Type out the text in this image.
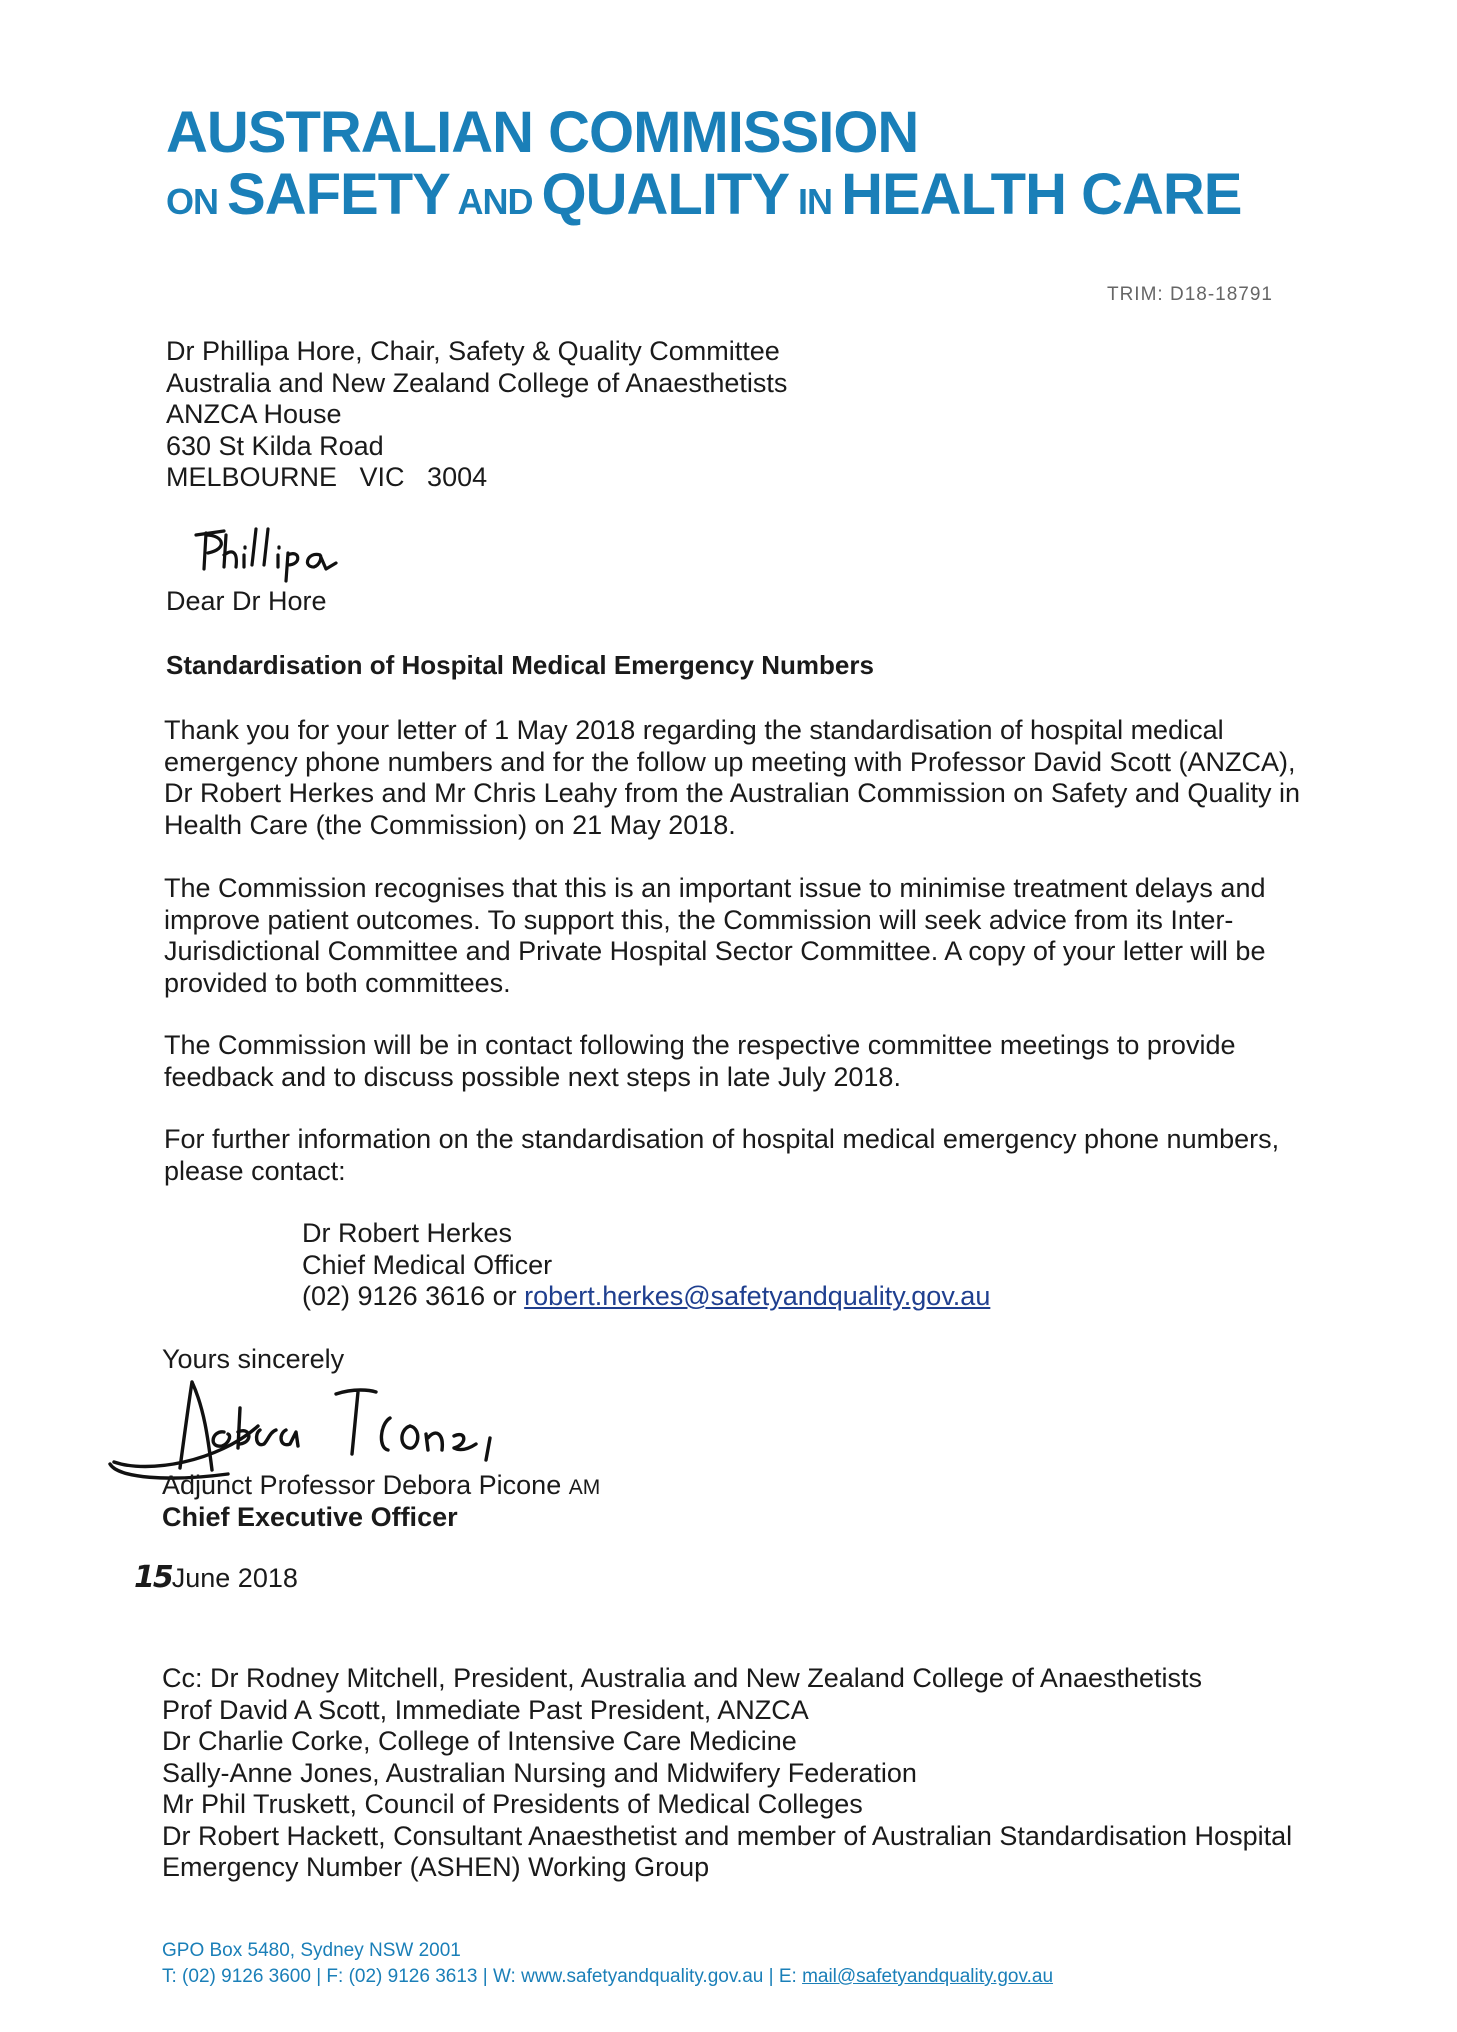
AUSTRALIAN COMMISSION
ON SAFETY AND QUALITY IN HEALTH CARE
TRIM: D18-18791
Dr Phillipa Hore, Chair, Safety & Quality Committee
Australia and New Zealand College of Anaesthetists
ANZCA House
630 St Kilda Road
MELBOURNE   VIC   3004
Dear Dr Hore
Standardisation of Hospital Medical Emergency Numbers
Thank you for your letter of 1 May 2018 regarding the standardisation of hospital medical emergency phone numbers and for the follow up meeting with Professor David Scott (ANZCA), Dr Robert Herkes and Mr Chris Leahy from the Australian Commission on Safety and Quality in Health Care (the Commission) on 21 May 2018.
The Commission recognises that this is an important issue to minimise treatment delays and improve patient outcomes. To support this, the Commission will seek advice from its Inter-Jurisdictional Committee and Private Hospital Sector Committee. A copy of your letter will be provided to both committees.
The Commission will be in contact following the respective committee meetings to provide feedback and to discuss possible next steps in late July 2018.
For further information on the standardisation of hospital medical emergency phone numbers, please contact:
Dr Robert Herkes
Chief Medical Officer
(02) 9126 3616 or robert.herkes@safetyandquality.gov.au
Yours sincerely
Adjunct Professor Debora Picone AM
Chief Executive Officer
15June 2018
Cc: Dr Rodney Mitchell, President, Australia and New Zealand College of Anaesthetists
Prof David A Scott, Immediate Past President, ANZCA
Dr Charlie Corke, College of Intensive Care Medicine
Sally-Anne Jones, Australian Nursing and Midwifery Federation
Mr Phil Truskett, Council of Presidents of Medical Colleges
Dr Robert Hackett, Consultant Anaesthetist and member of Australian Standardisation Hospital
Emergency Number (ASHEN) Working Group
GPO Box 5480, Sydney NSW 2001
T: (02) 9126 3600 | F: (02) 9126 3613 | W: www.safetyandquality.gov.au | E: mail@safetyandquality.gov.au
